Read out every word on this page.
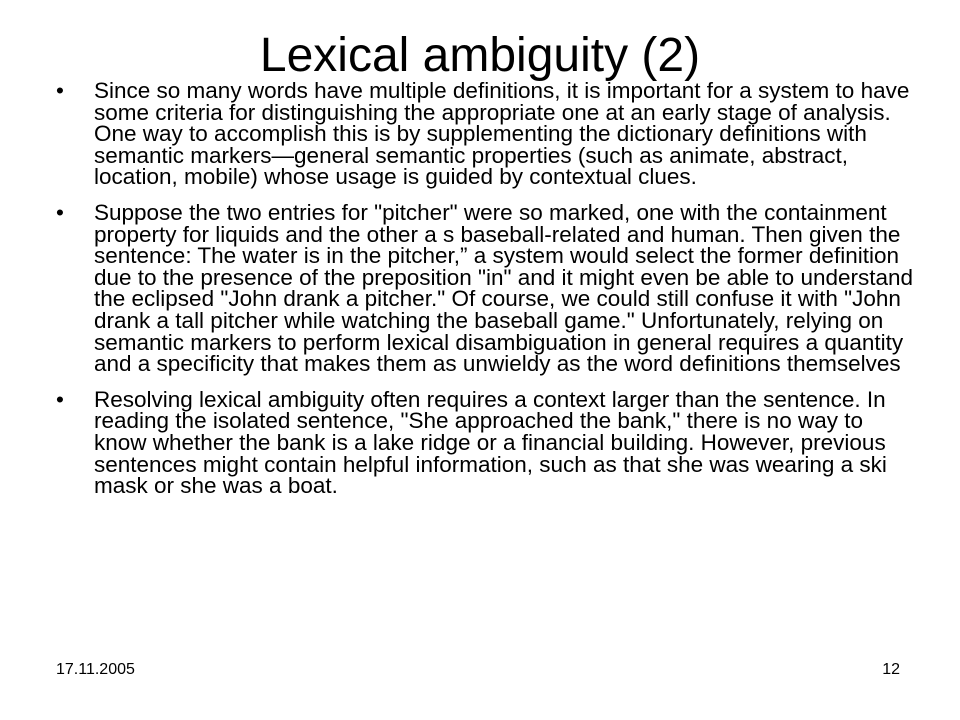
Lexical ambiguity (2)
•	Since so many words have multiple definitions, it is important for a system to have some criteria for distinguishing the appropriate one at an early stage of analysis. One way to accomplish this is by supplementing the dictionary definitions with semantic markers—general semantic properties (such as animate, abstract, location, mobile) whose usage is guided by contextual clues.
•	Suppose the two entries for "pitcher" were so marked, one with the containment property for liquids and the other a s baseball-related and human. Then given the sentence: The water is in the pitcher,” a system would select the former definition due to the presence of the preposition "in" and it might even be able to understand the eclipsed "John drank a pitcher." Of course, we could still confuse it with "John drank a tall pitcher while watching the baseball game." Unfortunately, relying on semantic markers to perform lexical disambiguation in general requires a quantity and a specificity that makes them as unwieldy as the word definitions themselves
•	Resolving lexical ambiguity often requires a context larger than the sentence. In reading the isolated sentence, "She approached the bank," there is no way to know whether the bank is a lake ridge or a financial building. However, previous sentences might contain helpful information, such as that she was wearing a ski mask or she was a boat.
17.11.2005	12
